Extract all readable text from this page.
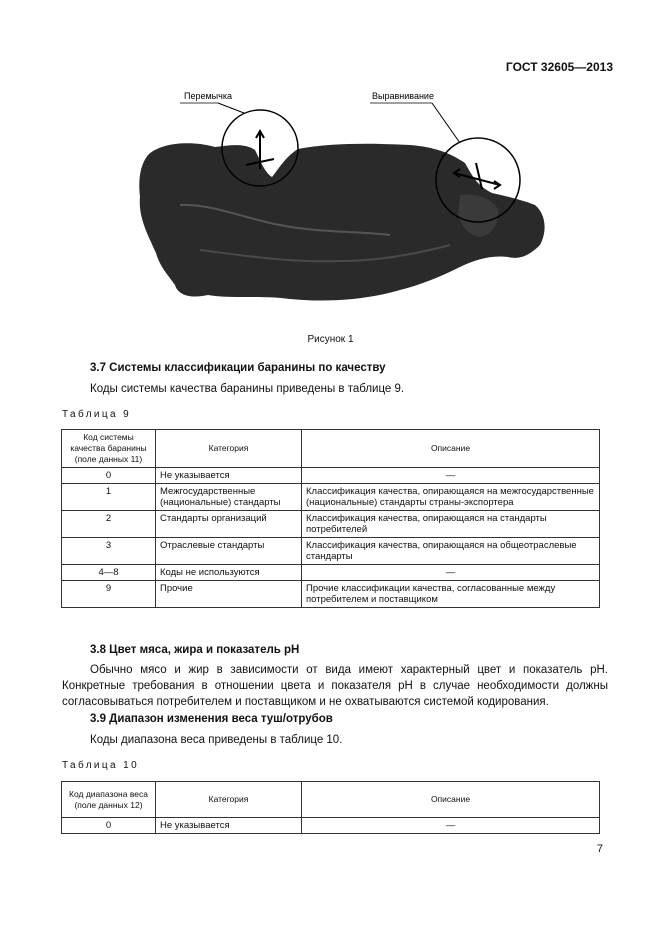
ГОСТ 32605—2013
Перемычка	Выравнивание
Рисунок 1
3.7 Системы классификации баранины по качеству
Коды системы качества баранины приведены в таблице 9.
Таблица 9
Код системы качества баранины (поле данных 11)	Категория	Описание
0	Не указывается	—
1	Межгосударственные (национальные) стандарты	Классификация качества, опирающаяся на межгосударственные (национальные) стандарты страны-экспортера
2	Стандарты организаций	Классификация качества, опирающаяся на стандарты потребителей
3	Отраслевые стандарты	Классификация качества, опирающаяся на общеотраслевые стандарты
4—8	Коды не используются	—
9	Прочие	Прочие классификации качества, согласованные между потребителем и поставщиком
3.8 Цвет мяса, жира и показатель pH
Обычно мясо и жир в зависимости от вида имеют характерный цвет и показатель pH. Конкретные требования в отношении цвета и показателя pH в случае необходимости должны согласовываться потребителем и поставщиком и не охватываются системой кодирования.
3.9 Диапазон изменения веса туш/отрубов
Коды диапазона веса приведены в таблице 10.
Таблица 10
Код диапазона веса (поле данных 12)	Категория	Описание
0	Не указывается	—
7
